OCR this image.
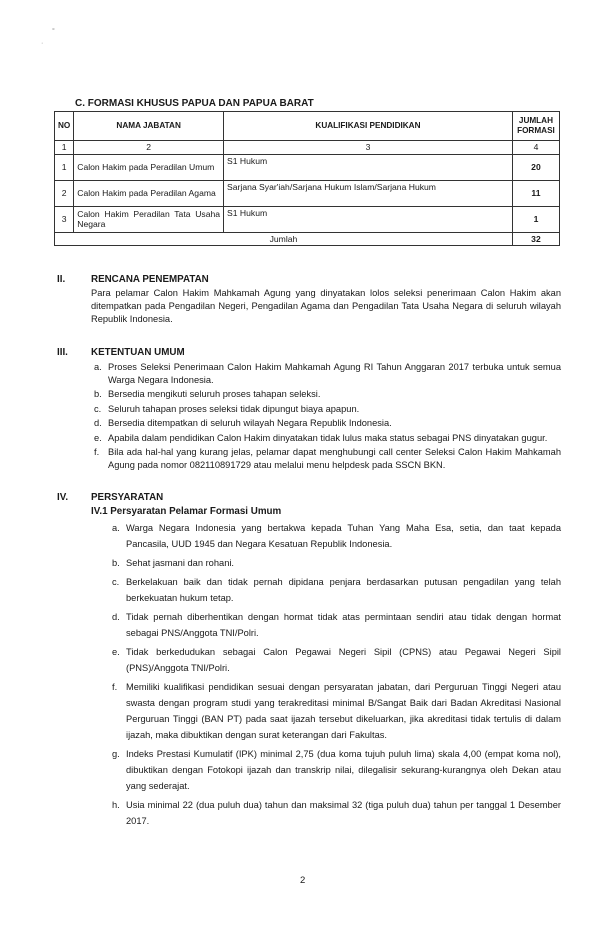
°
·
C. FORMASI KHUSUS PAPUA DAN PAPUA BARAT
NO	NAMA JABATAN	KUALIFIKASI PENDIDIKAN	JUMLAH FORMASI
1	2	3	4
1	Calon Hakim pada Peradilan Umum	S1 Hukum	20
2	Calon Hakim pada Peradilan Agama	Sarjana Syar'iah/Sarjana Hukum Islam/Sarjana Hukum	11
3	Calon Hakim Peradilan Tata Usaha Negara	S1 Hukum	1
Jumlah			32
II.	RENCANA PENEMPATAN
Para pelamar Calon Hakim Mahkamah Agung yang dinyatakan lolos seleksi penerimaan Calon Hakim akan ditempatkan pada Pengadilan Negeri, Pengadilan Agama dan Pengadilan Tata Usaha Negara di seluruh wilayah Republik Indonesia.
III. KETENTUAN UMUM
a. Proses Seleksi Penerimaan Calon Hakim Mahkamah Agung RI Tahun Anggaran 2017 terbuka untuk semua Warga Negara Indonesia.
b. Bersedia mengikuti seluruh proses tahapan seleksi.
c. Seluruh tahapan proses seleksi tidak dipungut biaya apapun.
d. Bersedia ditempatkan di seluruh wilayah Negara Republik Indonesia.
e. Apabila dalam pendidikan Calon Hakim dinyatakan tidak lulus maka status sebagai PNS dinyatakan gugur.
f. Bila ada hal-hal yang kurang jelas, pelamar dapat menghubungi call center Seleksi Calon Hakim Mahkamah Agung pada nomor 082110891729 atau melalui menu helpdesk pada SSCN BKN.
IV. PERSYARATAN
IV.1 Persyaratan Pelamar Formasi Umum
a. Warga Negara Indonesia yang bertakwa kepada Tuhan Yang Maha Esa, setia, dan taat kepada Pancasila, UUD 1945 dan Negara Kesatuan Republik Indonesia.
b. Sehat jasmani dan rohani.
c. Berkelakuan baik dan tidak pernah dipidana penjara berdasarkan putusan pengadilan yang telah berkekuatan hukum tetap.
d. Tidak pernah diberhentikan dengan hormat tidak atas permintaan sendiri atau tidak dengan hormat sebagai PNS/Anggota TNI/Polri.
e. Tidak berkedudukan sebagai Calon Pegawai Negeri Sipil (CPNS) atau Pegawai Negeri Sipil (PNS)/Anggota TNI/Polri.
f. Memiliki kualifikasi pendidikan sesuai dengan persyaratan jabatan, dari Perguruan Tinggi Negeri atau swasta dengan program studi yang terakreditasi minimal B/Sangat Baik dari Badan Akreditasi Nasional Perguruan Tinggi (BAN PT) pada saat ijazah tersebut dikeluarkan, jika akreditasi tidak tertulis di dalam ijazah, maka dibuktikan dengan surat keterangan dari Fakultas.
g. Indeks Prestasi Kumulatif (IPK) minimal 2,75 (dua koma tujuh puluh lima) skala 4,00 (empat koma nol), dibuktikan dengan Fotokopi ijazah dan transkrip nilai, dilegalisir sekurang-kurangnya oleh Dekan atau yang sederajat.
h. Usia minimal 22 (dua puluh dua) tahun dan maksimal 32 (tiga puluh dua) tahun per tanggal 1 Desember 2017.
2
